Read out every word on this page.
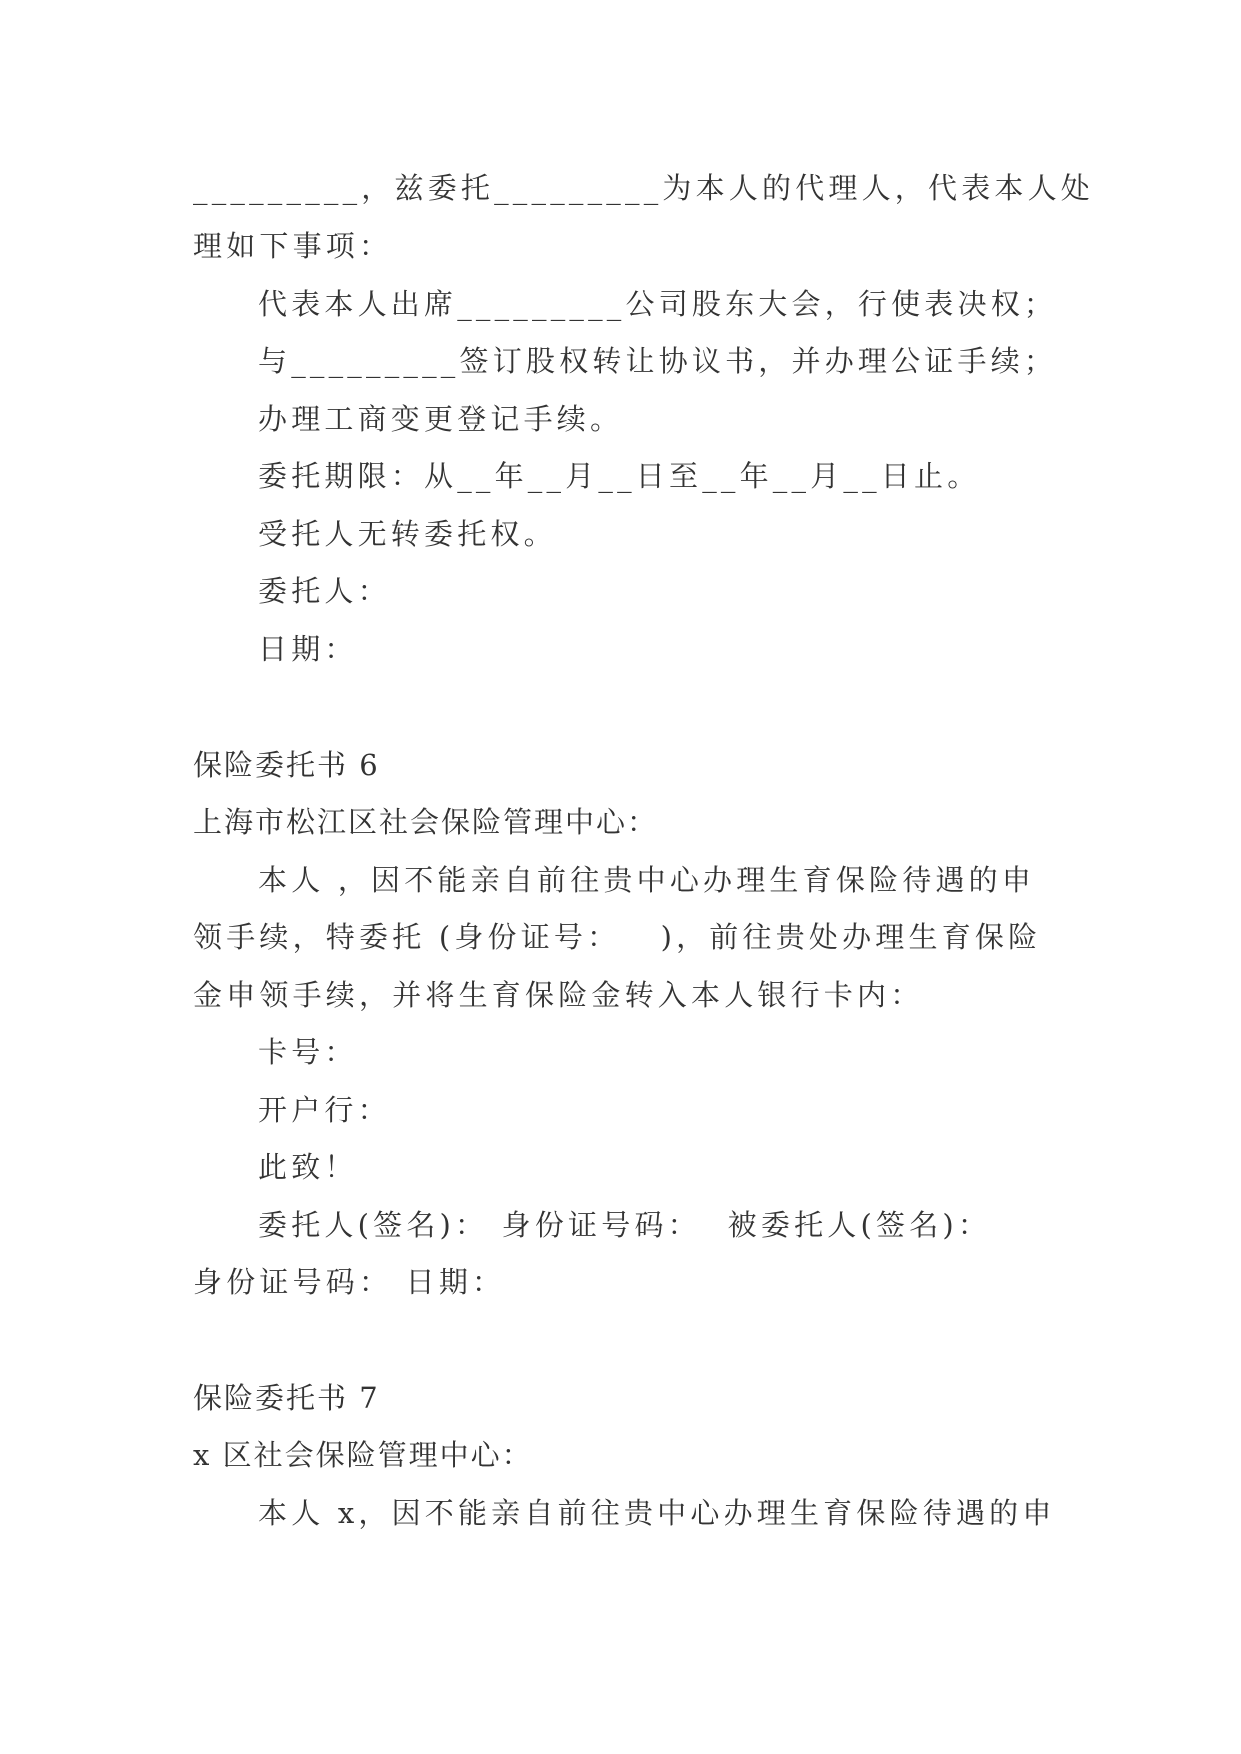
_________，兹委托_________为本人的代理人，代表本人处
理如下事项：
代表本人出席_________公司股东大会，行使表决权；
与_________签订股权转让协议书，并办理公证手续；
办理工商变更登记手续。
委托期限：从__年__月__日至__年__月__日止。
受托人无转委托权。
委托人：
日期：
保险委托书 6
上海市松江区社会保险管理中心：
本人 ，因不能亲自前往贵中心办理生育保险待遇的申
领手续，特委托 (身份证号：   )，前往贵处办理生育保险
金申领手续，并将生育保险金转入本人银行卡内：
卡号：
开户行：
此致！
委托人(签名)： 身份证号码：  被委托人(签名)：
身份证号码： 日期：
保险委托书 7
x 区社会保险管理中心：
本人 x，因不能亲自前往贵中心办理生育保险待遇的申
